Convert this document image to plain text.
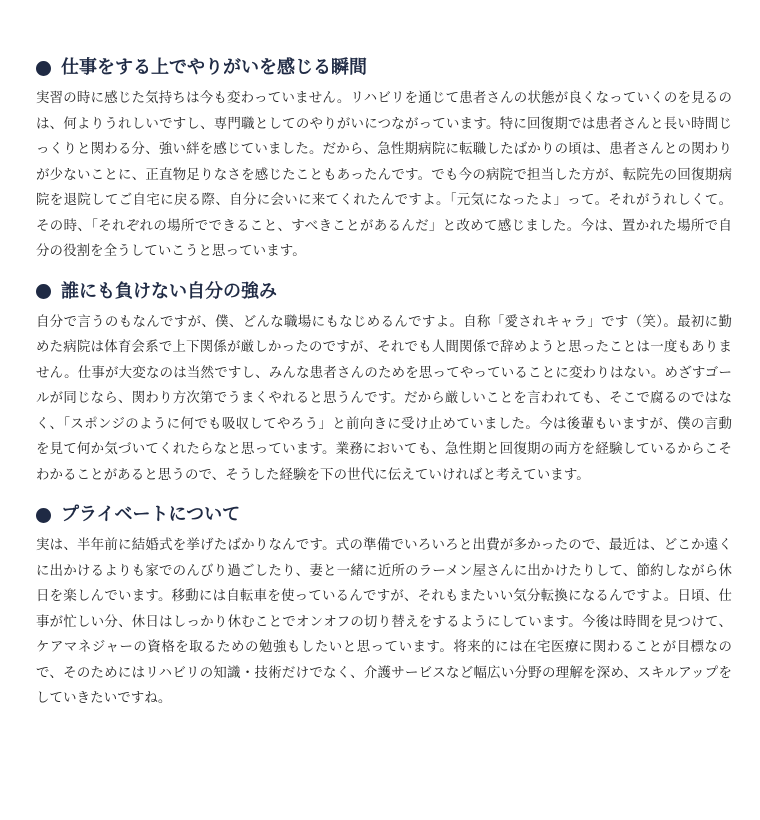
仕事をする上でやりがいを感じる瞬間

実習の時に感じた気持ちは今も変わっていません。リハビリを通じて患者さんの状態が良くなっていくのを見るのは、何よりうれしいですし、専門職としてのやりがいにつながっています。特に回復期では患者さんと長い時間じっくりと関わる分、強い絆を感じていました。だから、急性期病院に転職したばかりの頃は、患者さんとの関わりが少ないことに、正直物足りなさを感じたこともあったんです。でも今の病院で担当した方が、転院先の回復期病院を退院してご自宅に戻る際、自分に会いに来てくれたんですよ。「元気になったよ」って。それがうれしくて。その時、「それぞれの場所でできること、すべきことがあるんだ」と改めて感じました。今は、置かれた場所で自分の役割を全うしていこうと思っています。

誰にも負けない自分の強み

自分で言うのもなんですが、僕、どんな職場にもなじめるんですよ。自称「愛されキャラ」です（笑）。最初に勤めた病院は体育会系で上下関係が厳しかったのですが、それでも人間関係で辞めようと思ったことは一度もありません。仕事が大変なのは当然ですし、みんな患者さんのためを思ってやっていることに変わりはない。めざすゴールが同じなら、関わり方次第でうまくやれると思うんです。だから厳しいことを言われても、そこで腐るのではなく、「スポンジのように何でも吸収してやろう」と前向きに受け止めていました。今は後輩もいますが、僕の言動を見て何か気づいてくれたらなと思っています。業務においても、急性期と回復期の両方を経験しているからこそわかることがあると思うので、そうした経験を下の世代に伝えていければと考えています。

プライベートについて

実は、半年前に結婚式を挙げたばかりなんです。式の準備でいろいろと出費が多かったので、最近は、どこか遠くに出かけるよりも家でのんびり過ごしたり、妻と一緒に近所のラーメン屋さんに出かけたりして、節約しながら休日を楽しんでいます。移動には自転車を使っているんですが、それもまたいい気分転換になるんですよ。日頃、仕事が忙しい分、休日はしっかり休むことでオンオフの切り替えをするようにしています。今後は時間を見つけて、ケアマネジャーの資格を取るための勉強もしたいと思っています。将来的には在宅医療に関わることが目標なので、そのためにはリハビリの知識・技術だけでなく、介護サービスなど幅広い分野の理解を深め、スキルアップをしていきたいですね。
